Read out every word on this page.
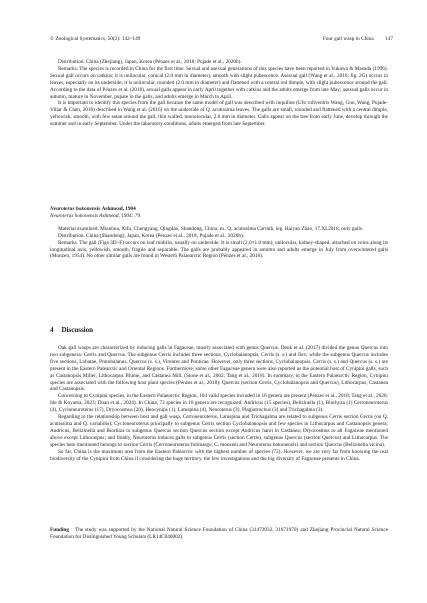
© Zoological Systematics, 50(2): 142–149	Four gall wasp in China 147

Distribution. China (Zhejiang), Japan, Korea (Pénzes et al., 2018; Pujade et al., 2020b).

Remarks. The species is recorded in China for the first time. Sexual and asexual generations of this species have been reported in Yukawa & Masuda (1996). Sexual gall occurs on catkins; it is unilocular, conical (2.0 mm in diameter), smooth with slight pubescence. Asexual gall (Wang et al., 2016: fig. 2G) occurs in leaves, especially on its underside; it is unilocular, rounded (2.0 mm in diameter) and flattened with a central red dimple, with slight pubescence around the gall. According to the data of Pénzes et al. (2018), sexual galls appear in early April together with catkins and the adults emerge from late May; asexual galls occur in autumn, mature in November, pupate in the galls, and adults emerge in March to April.

It is important to identify this species from the gall because the same model of gall was described with inquiline (Ufo rufiventris Wang, Guo, Wang, Pujade-Villar & Chen, 2016) described in Wang et al. (2016) on the underside of Q. acutissima leaves. The galls are small, rounded and flattened with a central dimple, yellowish, smooth, with few setae around the gall, thin walled, monolocular, 2.0 mm in diameter. Galls appear on the tree from early June, develop through the summer and in early September. Under the laboratory conditions, adults emerged from late September.

Neuroterus hokonensis Ashmead, 1904

Neuroterus hokonensis Ashmead, 1904: 79.

Material examined. Mianhua, Xifu, Chengyang, Qingdao, Shandong, China, ex. Q. acutissima Carruth, leg. Haiyan Zhao, 17.XI.2018, only galls.

Distribution. China (Shandong), Japan, Korea (Pénzes et al., 2018; Pujade et al., 2020b).

Remarks. The gall (Figs 3D–F) occurs on leaf midribs, usually on underside. It is small (2.0×1.0 mm), unilocular, kidney-shaped, attached on veins along its longitudinal axis, yellowish, smooth, fragile and separable. The galls are probably appeared in autumn and adults emerge in July from overwintered galls (Monzen, 1954). No other similar galls are found in Western Palaearctic Region (Pénzes et al., 2018).

4 Discussion

Oak gall wasps are characterized by inducing galls in Fagaceae, mostly associated with genus Quercus. Denk et al. (2017) divided the genus Quercus into two subgenera: Cerris and Quercus. The subgenus Cerris includes three sections, Cyclobalanopsis, Cerris (s. s.) and Ilex; while the subgenus Quercus includes five sections, Lobatae, Protobalanus, Quercus (s. s.), Virentes and Ponticae. However, only three sections, Cyclobalanopsis, Cerris (s. s.) and Quercus (s. s.) are present in the Eastern Palearctic and Oriental Regions. Furthermore, some other Fagaceae genera were also reported as the potential host of Cynipini galls, such as Castanopsis Miller, Lithocarpus Blume, and Castanea Mill. (Stone et al., 2002; Tang et al., 2018). In summary, in the Eastern Palaearctic Region, Cynipini species are associated with the following host plant species (Pénzes et al., 2018): Quercus (section Cerris, Cyclobalanopsis and Quercus), Lithocarpus, Castanea and Castanopsis.

Concerning to Cynipini species, in the Eastern Palaearctic Region, 104 valid species included in 16 genera are present (Pénzes et al., 2018; Tang et al., 2020; Ide & Koyama, 2023; Duan et al., 2024). In China, 72 species in 10 genera are recognized: Andricus (15 species), Belizinella (1), Biorhyza (1) Cerroneuroterus (4), Cycloneuroterus (17), Dryocosmus (20), Heocynips (1), Latuspina (4), Neuroterus (3), Plagiotrochus (3) and Trichagalma (3).

Regarding to the relationship between host and gall wasp, Cerroneuroterus, Latuspina and Trichagalma are related to subgenus Cerris section Cerris (on Q. acutissima and Q. variabilis); Cycloneuroterus principally to subgenus Cerris section Cyclobalanopsis and few species in Lithocarpus and Castanopsis genera; Andricus, Belizinella and Biorhiza to subgenus Quercus section Quercus section except Andricus hanri in Castanea; Dryocosmus to all Fagaceae mentioned above except Lithocarpus; and finally, Neuroterus induces galls in subgenus Cerris (section Cerris), subgenus Quercus (section Quercus) and Lithocarpus. The species here mentioned belongs to section Cerris (Cerroneuroterus folimargo, C. monseni and Neuroterus hokonensis) and section Quercus (Belizinella vicina).

So far, China is the maximum area from the Eastern Palearctic with the highest number of species (72). However, we are very far from knowing the real biodiversity of the Cynipini from China if considering the huge territory, the few investigations and the big diversity of Fagaceae presents in China.

Funding The study was supported by the National Natural Science Foundation of China (31472032, 31071970) and Zhejiang Provincial Natural Science Foundation for Distinguished Young Scholars (LR14C040002).
